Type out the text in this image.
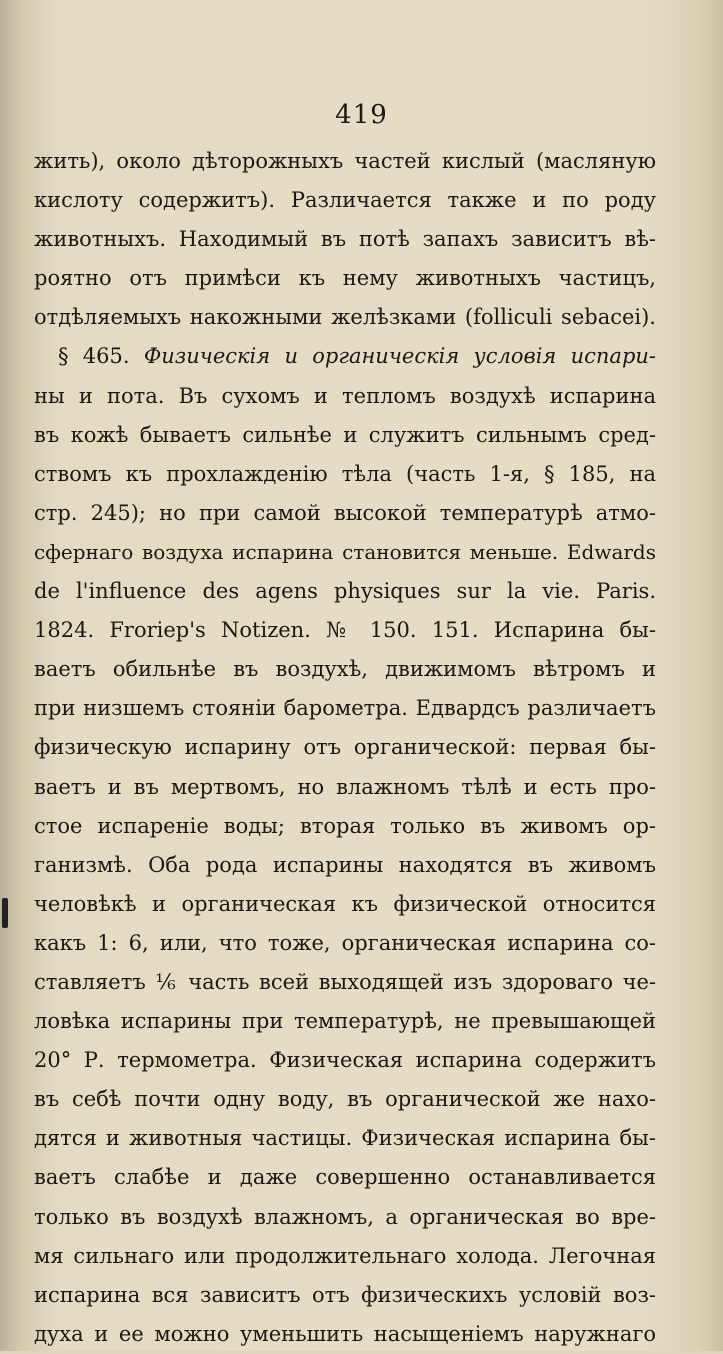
419
жить), около дѣторожныхъ частей кислый (масляную
кислоту содержитъ). Различается также и по роду
животныхъ. Находимый въ потѣ запахъ зависитъ вѣ-
роятно отъ примѣси къ нему животныхъ частицъ,
отдѣляемыхъ накожными желѣзками (folliculi sebacei).
§ 465. Физическія и органическія условія испари-
ны и пота. Въ сухомъ и тепломъ воздухѣ испарина
въ кожѣ бываетъ сильнѣе и служитъ сильнымъ сред-
ствомъ къ прохлажденію тѣла (часть 1-я, § 185, на
стр. 245); но при самой высокой температурѣ атмо-
сфернаго воздуха испарина становится меньше. Edwards
de l'influence des agens physiques sur la vie. Paris.
1824. Froriep's Notizen. № 150. 151. Испарина бы-
ваетъ обильнѣе въ воздухѣ, движимомъ вѣтромъ и
при низшемъ стояніи барометра. Едвардсъ различаетъ
физическую испарину отъ органической: первая бы-
ваетъ и въ мертвомъ, но влажномъ тѣлѣ и есть про-
стое испареніе воды; вторая только въ живомъ ор-
ганизмѣ. Оба рода испарины находятся въ живомъ
человѣкѣ и органическая къ физической относится
какъ 1: 6, или, что тоже, органическая испарина со-
ставляетъ ⅙ часть всей выходящей изъ здороваго че-
ловѣка испарины при температурѣ, не превышающей
20° Р. термометра. Физическая испарина содержитъ
въ себѣ почти одну воду, въ органической же нахо-
дятся и животныя частицы. Физическая испарина бы-
ваетъ слабѣе и даже совершенно останавливается
только въ воздухѣ влажномъ, а органическая во вре-
мя сильнаго или продолжительнаго холода. Легочная
испарина вся зависитъ отъ физическихъ условій воз-
духа и ее можно уменьшить насыщеніемъ наружнаго
